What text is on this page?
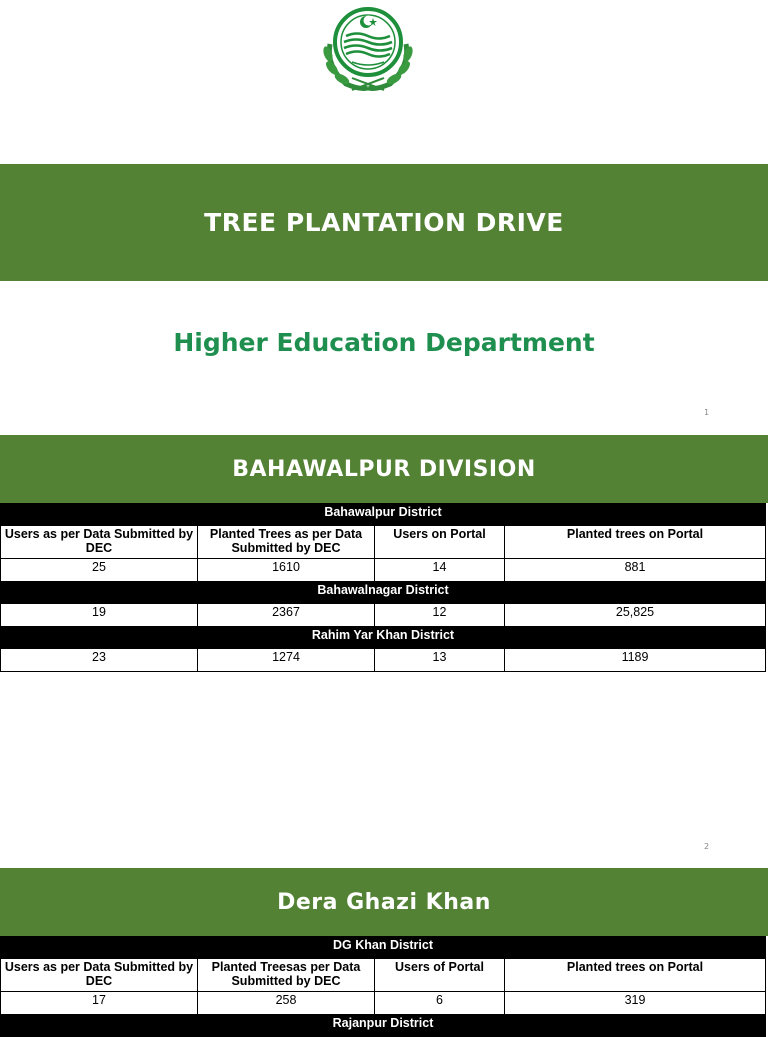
TREE PLANTATION DRIVE
Higher Education Department
1
BAHAWALPUR DIVISION
Bahawalpur District			
Users as per Data Submitted by DEC	Planted Trees as per Data Submitted by DEC	Users on Portal	Planted trees on Portal
25	1610	14	881
Bahawalnagar District			
19	2367	12	25,825
Rahim Yar Khan District			
23	1274	13	1189
2
Dera Ghazi Khan
DG Khan District			
Users as per Data Submitted by DEC	Planted Treesas per Data Submitted by DEC	Users of Portal	Planted trees on Portal
17	258	6	319
Rajanpur District			
